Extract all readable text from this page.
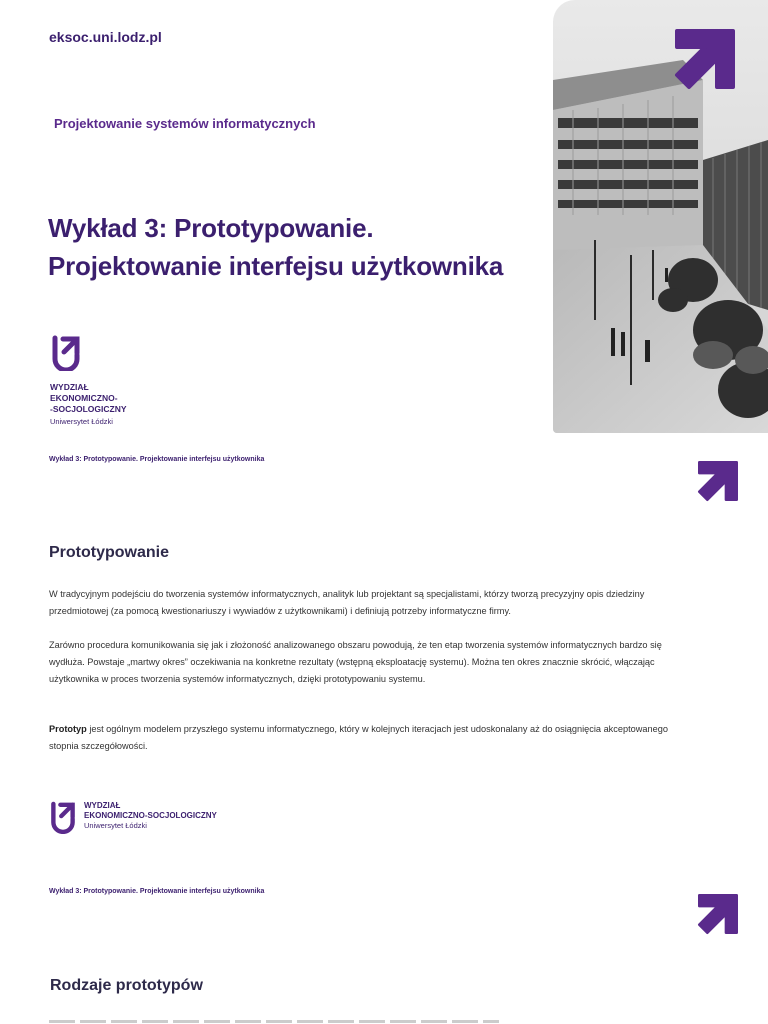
eksoc.uni.lodz.pl
Projektowanie systemów informatycznych
Wykład 3: Prototypowanie.
Projektowanie interfejsu użytkownika
WYDZIAŁ
EKONOMICZNO-
-SOCJOLOGICZNY
Uniwersytet Łódzki
Wykład 3: Prototypowanie. Projektowanie interfejsu użytkownika
Prototypowanie
W tradycyjnym podejściu do tworzenia systemów informatycznych, analityk lub projektant są specjalistami, którzy tworzą precyzyjny opis dziedziny przedmiotowej (za pomocą kwestionariuszy i wywiadów z użytkownikami) i definiują potrzeby informatyczne firmy.
Zarówno procedura komunikowania się jak i złożoność analizowanego obszaru powodują, że ten etap tworzenia systemów informatycznych bardzo się wydłuża. Powstaje „martwy okres” oczekiwania na konkretne rezultaty (wstępną eksploatację systemu). Można ten okres znacznie skrócić, włączając użytkownika w proces tworzenia systemów informatycznych, dzięki prototypowaniu systemu.
Prototyp jest ogólnym modelem przyszłego systemu informatycznego, który w kolejnych iteracjach jest udoskonalany aż do osiągnięcia akceptowanego stopnia szczegółowości.
WYDZIAŁ
EKONOMICZNO-SOCJOLOGICZNY
Uniwersytet Łódzki
Wykład 3: Prototypowanie. Projektowanie interfejsu użytkownika
Rodzaje prototypów
